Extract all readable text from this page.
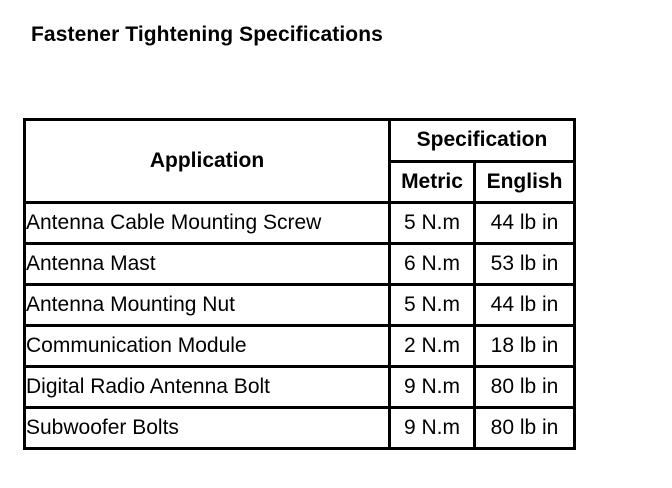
Fastener Tightening Specifications
Application	Specification	
	Metric	English
Antenna Cable Mounting Screw	5 N.m	44 lb in
Antenna Mast	6 N.m	53 lb in
Antenna Mounting Nut	5 N.m	44 lb in
Communication Module	2 N.m	18 lb in
Digital Radio Antenna Bolt	9 N.m	80 lb in
Subwoofer Bolts	9 N.m	80 lb in
